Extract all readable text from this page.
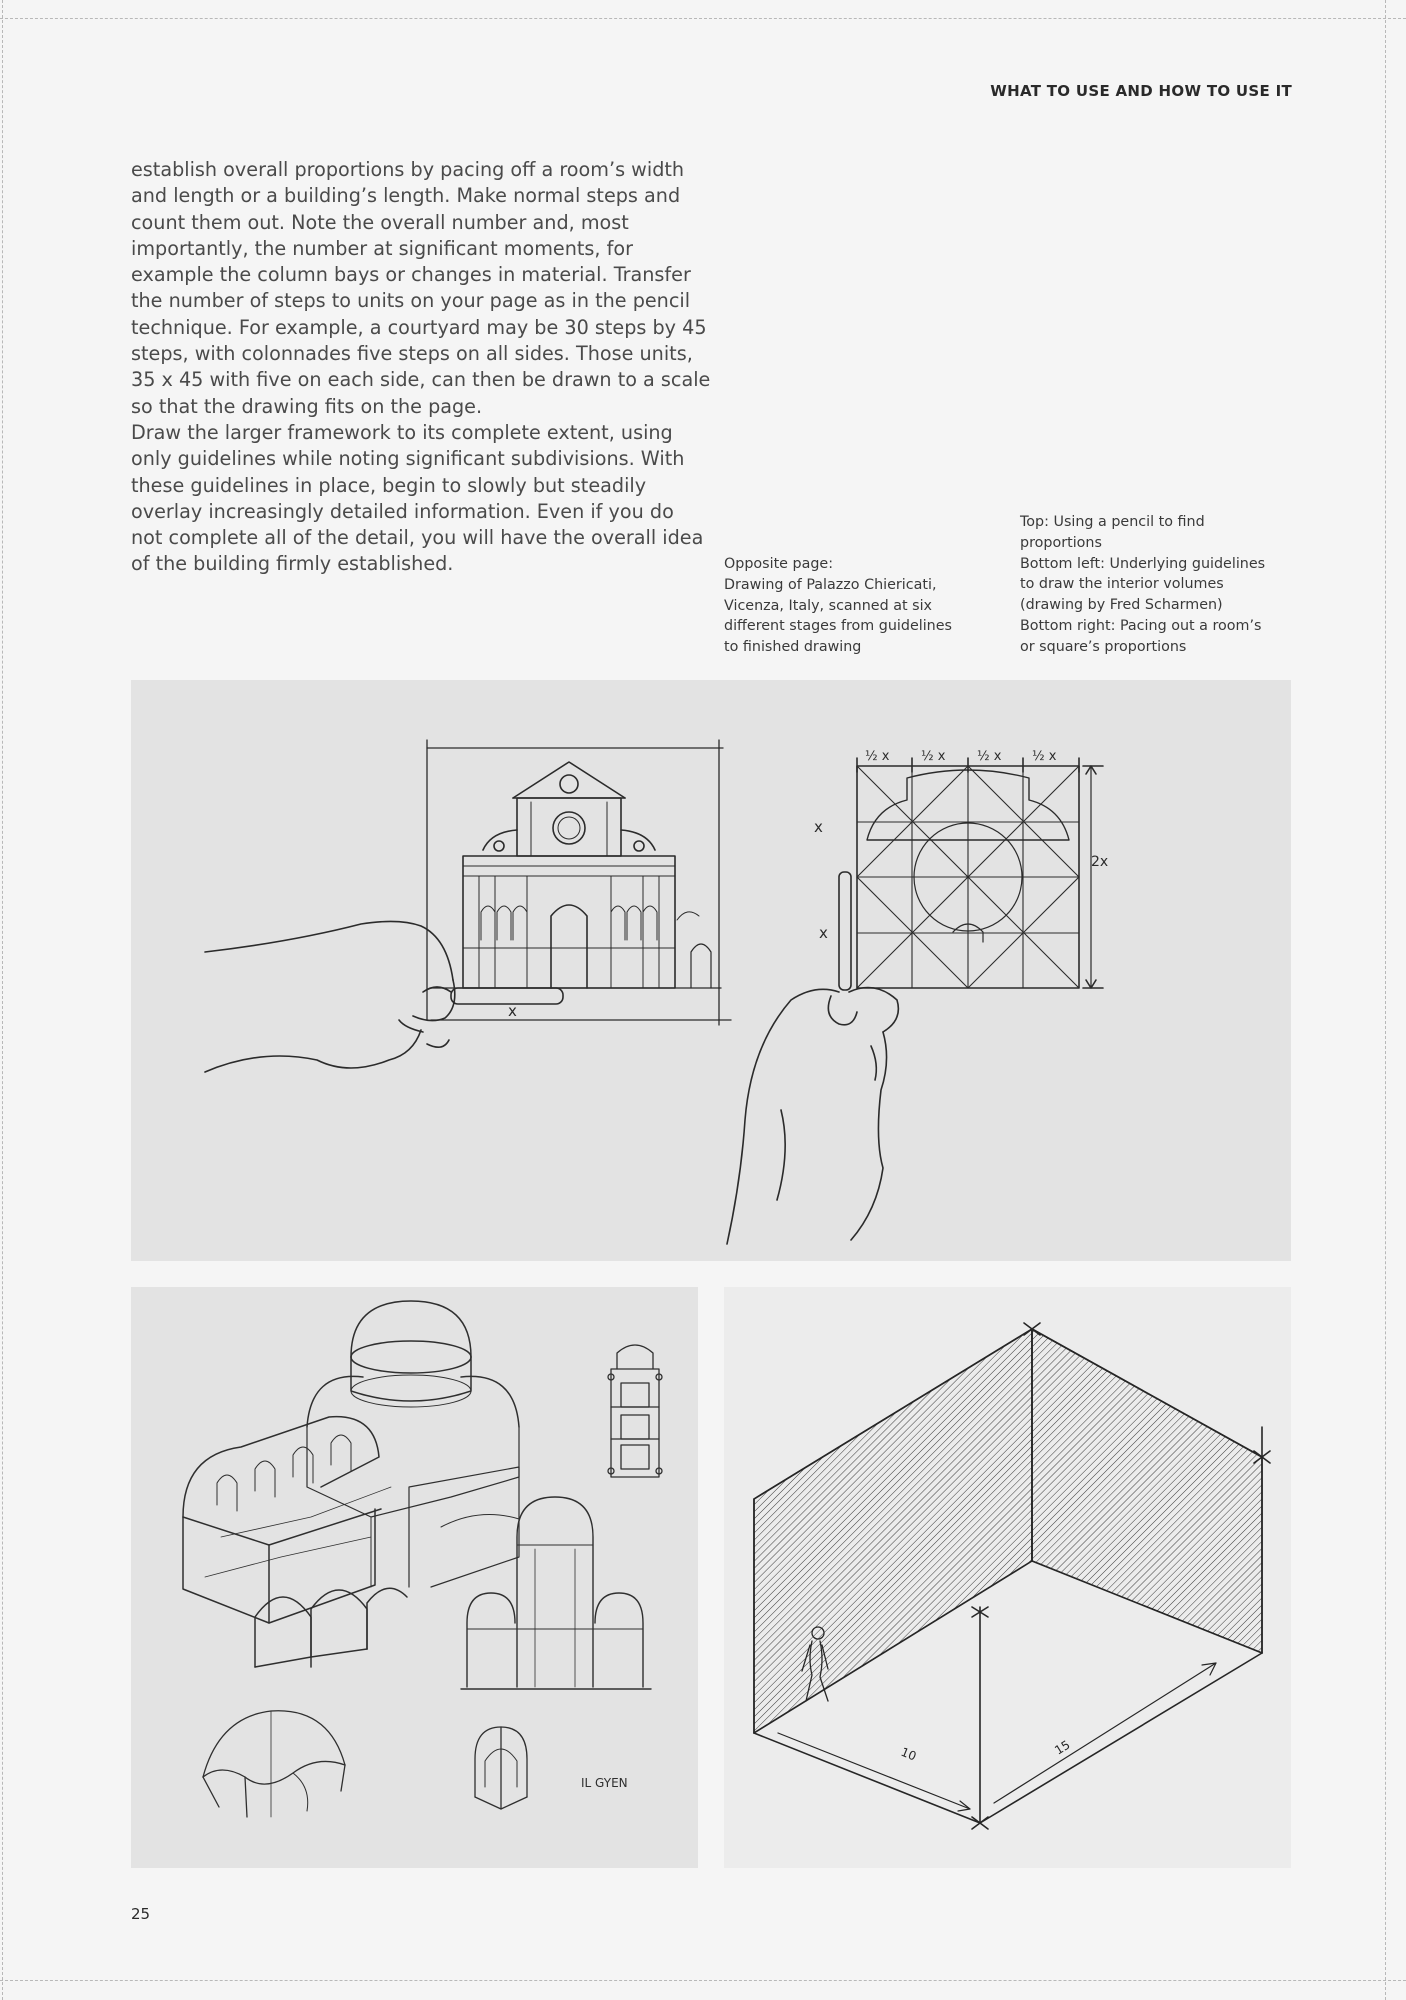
WHAT TO USE AND HOW TO USE IT

establish overall proportions by pacing off a room’s width and length or a building’s length. Make normal steps and count them out. Note the overall number and, most importantly, the number at significant moments, for example the column bays or changes in material. Transfer the number of steps to units on your page as in the pencil technique. For example, a courtyard may be 30 steps by 45 steps, with colonnades five steps on all sides. Those units, 35 x 45 with five on each side, can then be drawn to a scale so that the drawing fits on the page.

Draw the larger framework to its complete extent, using only guidelines while noting significant subdivisions. With these guidelines in place, begin to slowly but steadily overlay increasingly detailed information. Even if you do not complete all of the detail, you will have the overall idea of the building firmly established.	Opposite page:
Drawing of Palazzo Chiericati,
Vicenza, Italy, scanned at six
different stages from guidelines
to finished drawing
Top: Using a pencil to find
proportions
Bottom left: Underlying guidelines
to draw the interior volumes
(drawing by Fred Scharmen)
Bottom right: Pacing out a room’s
or square’s proportions
x
2x
½ x ½ x ½ x ½ x
x
x
IL GYEN
10	15
25
